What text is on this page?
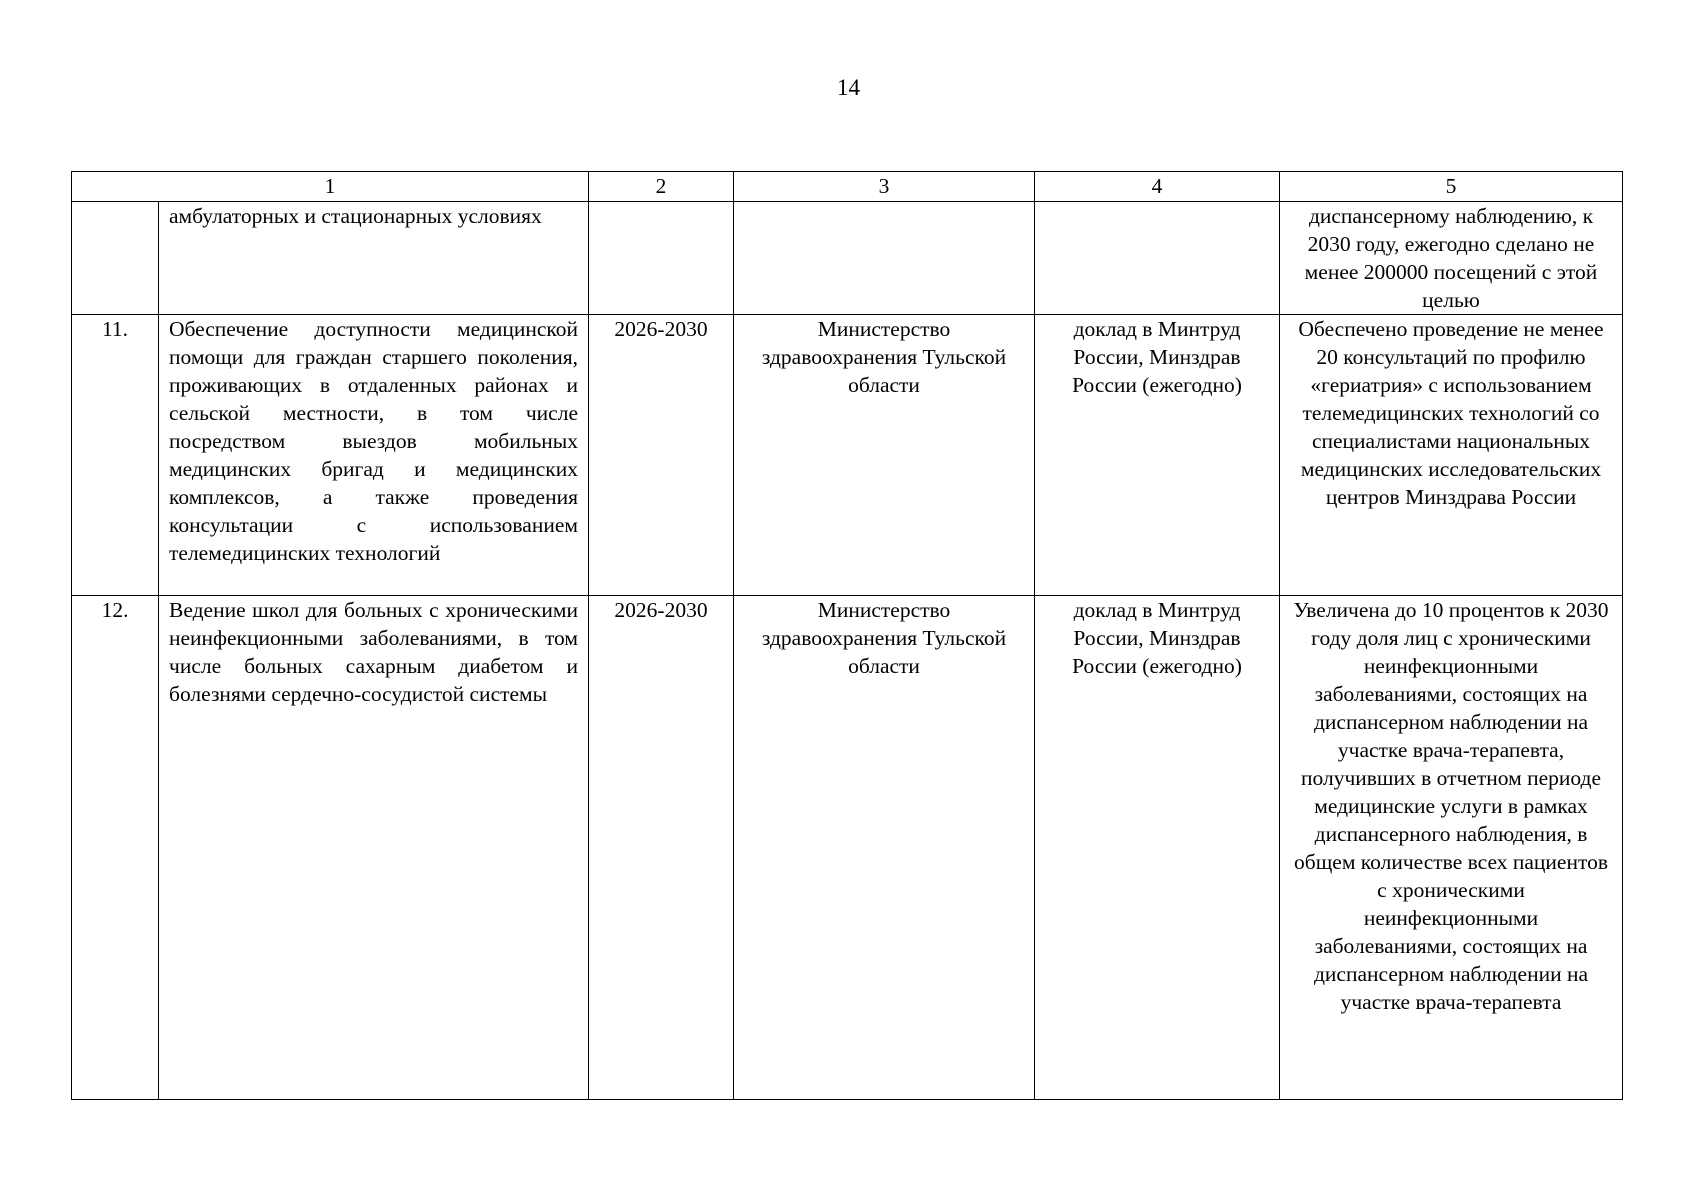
14
1		2	3	4	5
	амбулаторных и стационарных условиях				диспансерному наблюдению, к 2030 году, ежегодно сделано не менее 200000 посещений с этой целью
11.	Обеспечение доступности медицинской помощи для граждан старшего поколения, проживающих в отдаленных районах и сельской местности, в том числе посредством выездов мобильных медицинских бригад и медицинских комплексов, а также проведения консультации с использованием телемедицинских технологий	2026-2030	Министерство здравоохранения Тульской области	доклад в Минтруд России, Минздрав России (ежегодно)	Обеспечено проведение не менее 20 консультаций по профилю «гериатрия» с использованием телемедицинских технологий со специалистами национальных медицинских исследовательских центров Минздрава России
12.	Ведение школ для больных с хроническими неинфекционными заболеваниями, в том числе больных сахарным диабетом и болезнями сердечно-сосудистой системы	2026-2030	Министерство здравоохранения Тульской области	доклад в Минтруд России, Минздрав России (ежегодно)	Увеличена до 10 процентов к 2030 году доля лиц с хроническими неинфекционными заболеваниями, состоящих на диспансерном наблюдении на участке врача-терапевта, получивших в отчетном периоде медицинские услуги в рамках диспансерного наблюдения, в общем количестве всех пациентов с хроническими неинфекционными заболеваниями, состоящих на диспансерном наблюдении на участке врача-терапевта
